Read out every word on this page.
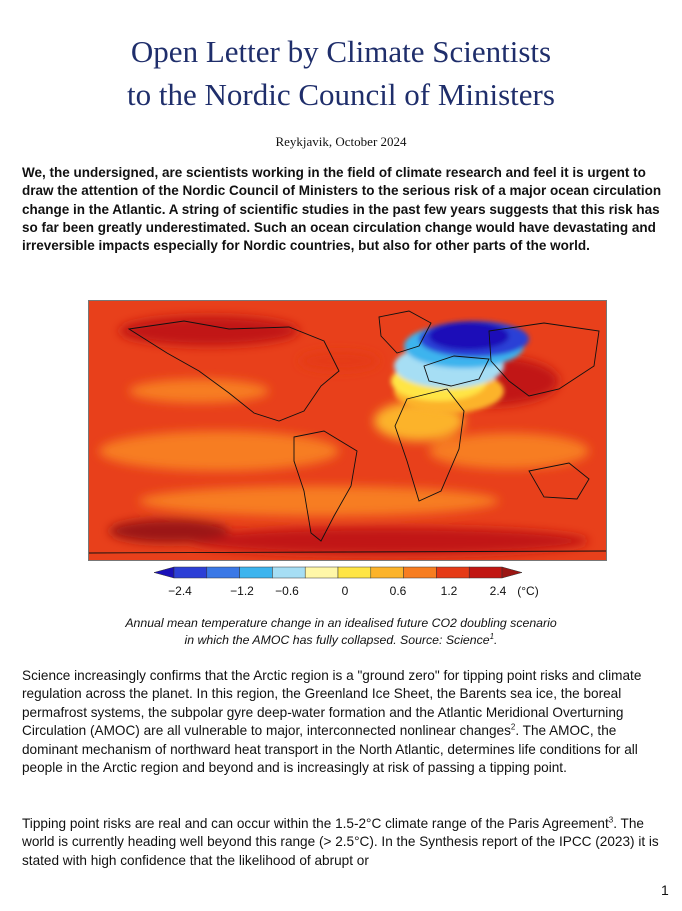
Open Letter by Climate Scientists
to the Nordic Council of Ministers
Reykjavik, October 2024
We, the undersigned, are scientists working in the field of climate research and feel it is urgent to draw the attention of the Nordic Council of Ministers to the serious risk of a major ocean circulation change in the Atlantic. A string of scientific studies in the past few years suggests that this risk has so far been greatly underestimated. Such an ocean circulation change would have devastating and irreversible impacts especially for Nordic countries, but also for other parts of the world.
−2.4	−1.2 −0.6	0	0.6	1.2	2.4 (°C)
Annual mean temperature change in an idealised future CO2 doubling scenario
in which the AMOC has fully collapsed. Source: Science$^1$.
Science increasingly confirms that the Arctic region is a "ground zero" for tipping point risks and climate regulation across the planet. In this region, the Greenland Ice Sheet, the Barents sea ice, the boreal permafrost systems, the subpolar gyre deep-water formation and the Atlantic Meridional Overturning Circulation (AMOC) are all vulnerable to major, interconnected nonlinear changes$^2$. The AMOC, the dominant mechanism of northward heat transport in the North Atlantic, determines life conditions for all people in the Arctic region and beyond and is increasingly at risk of passing a tipping point.
Tipping point risks are real and can occur within the 1.5-2°C climate range of the Paris Agreement$^3$. The world is currently heading well beyond this range (> 2.5°C). In the Synthesis report of the IPCC (2023) it is stated with high confidence that the likelihood of abrupt or
1
